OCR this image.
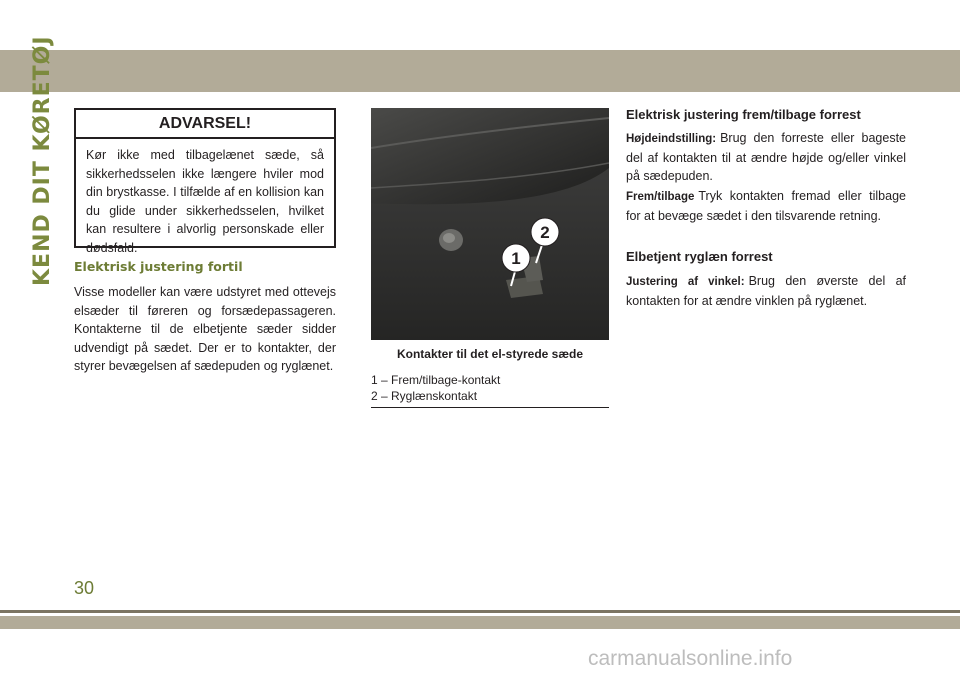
KEND DIT KØRETØJ	ADVARSEL!
Kør ikke med tilbagelænet sæde, så sikkerhedsselen ikke længere hviler mod din brystkasse. I tilfælde af en kollision kan du glide under sikkerhedsselen, hvilket kan resultere i alvorlig personskade eller dødsfald.
Elektrisk justering fortil
Visse modeller kan være udstyret med ottevejs elsæder til føreren og forsædepassageren. Kontakterne til de elbetjente sæder sidder udvendigt på sædet. Der er to kontakter, der styrer bevægelsen af sædepuden og ryglænet.
1
2
Kontakter til det el-styrede sæde
1 – Frem/tilbage-kontakt
2 – Ryglænskontakt
Elektrisk justering frem/tilbage forrest
Højdeindstilling: Brug den forreste eller bageste del af kontakten til at ændre højde og/eller vinkel på sædepuden.
Frem/tilbage Tryk kontakten fremad eller tilbage for at bevæge sædet i den tilsvarende retning.
Elbetjent ryglæn forrest
Justering af vinkel: Brug den øverste del af kontakten for at ændre vinklen på ryglænet.
30
carmanualsonline.info
